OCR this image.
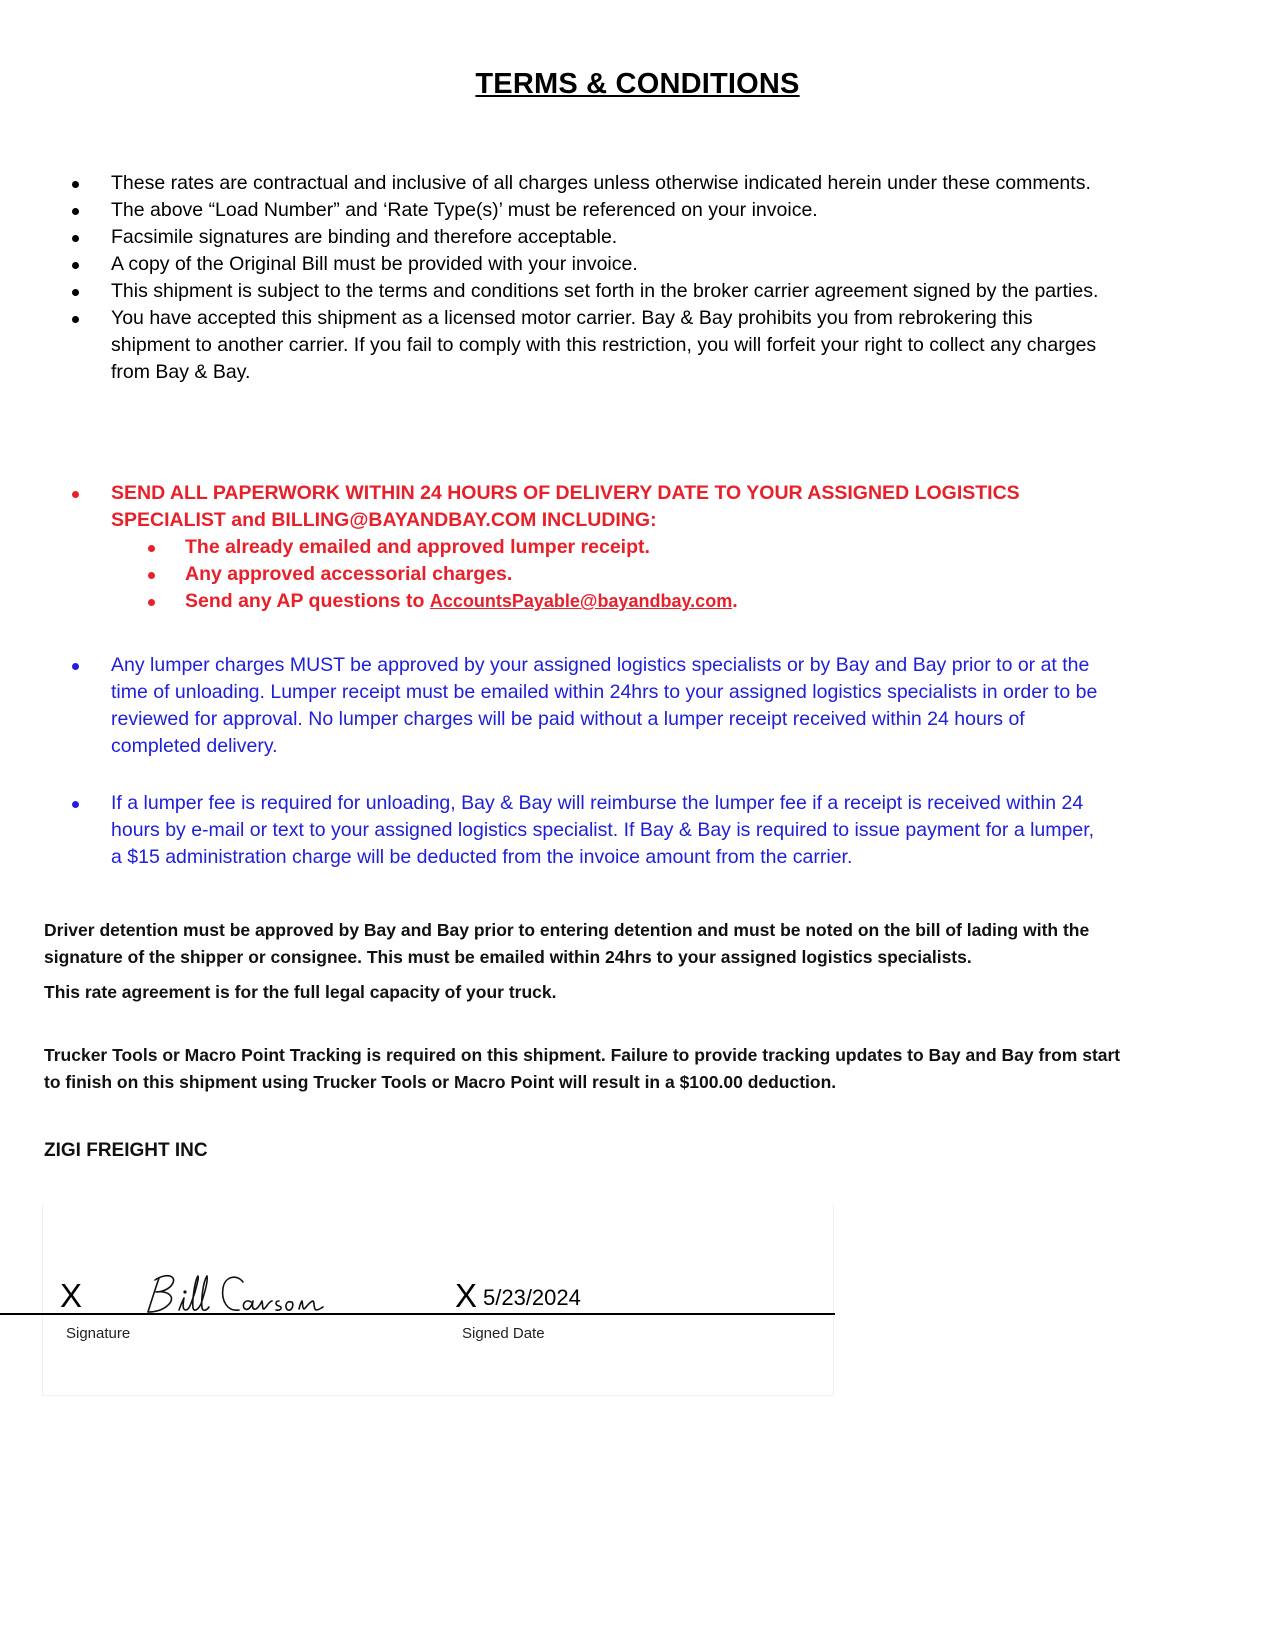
TERMS & CONDITIONS
These rates are contractual and inclusive of all charges unless otherwise indicated herein under these comments.
The above “Load Number” and ‘Rate Type(s)’ must be referenced on your invoice.
Facsimile signatures are binding and therefore acceptable.
A copy of the Original Bill must be provided with your invoice.
This shipment is subject to the terms and conditions set forth in the broker carrier agreement signed by the parties.
You have accepted this shipment as a licensed motor carrier. Bay & Bay prohibits you from rebrokering this shipment to another carrier. If you fail to comply with this restriction, you will forfeit your right to collect any charges from Bay & Bay.
SEND ALL PAPERWORK WITHIN 24 HOURS OF DELIVERY DATE TO YOUR ASSIGNED LOGISTICS SPECIALIST and BILLING@BAYANDBAY.COM INCLUDING:
The already emailed and approved lumper receipt.
Any approved accessorial charges.
Send any AP questions to AccountsPayable@bayandbay.com.
Any lumper charges MUST be approved by your assigned logistics specialists or by Bay and Bay prior to or at the time of unloading. Lumper receipt must be emailed within 24hrs to your assigned logistics specialists in order to be reviewed for approval. No lumper charges will be paid without a lumper receipt received within 24 hours of completed delivery.
If a lumper fee is required for unloading, Bay & Bay will reimburse the lumper fee if a receipt is received within 24 hours by e-mail or text to your assigned logistics specialist. If Bay & Bay is required to issue payment for a lumper, a $15 administration charge will be deducted from the invoice amount from the carrier.
Driver detention must be approved by Bay and Bay prior to entering detention and must be noted on the bill of lading with the signature of the shipper or consignee. This must be emailed within 24hrs to your assigned logistics specialists.
This rate agreement is for the full legal capacity of your truck.
Trucker Tools or Macro Point Tracking is required on this shipment. Failure to provide tracking updates to Bay and Bay from start to finish on this shipment using Trucker Tools or Macro Point will result in a $100.00 deduction.
ZIGI FREIGHT INC
X	X 5/23/2024
Signature	Signed Date
